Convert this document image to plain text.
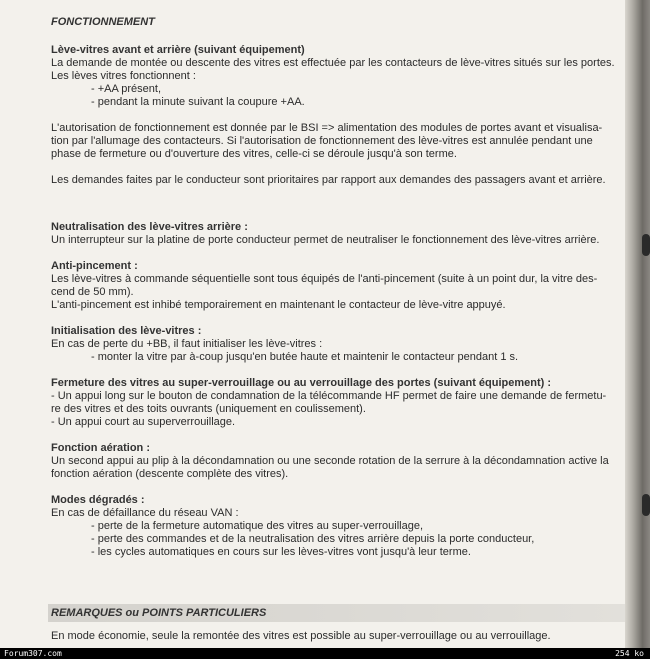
FONCTIONNEMENT
Lève-vitres avant et arrière (suivant équipement)
La demande de montée ou descente des vitres est effectuée par les contacteurs de lève-vitres situés sur les portes.
Les lèves vitres fonctionnent :
- +AA présent,
- pendant la minute suivant la coupure +AA.
L'autorisation de fonctionnement est donnée par le BSI => alimentation des modules de portes avant et visualisa-
tion par l'allumage des contacteurs. Si l'autorisation de fonctionnement des lève-vitres est annulée pendant une
phase de fermeture ou d'ouverture des vitres, celle-ci se déroule jusqu'à son terme.
Les demandes faites par le conducteur sont prioritaires par rapport aux demandes des passagers avant et arrière.
Neutralisation des lève-vitres arrière :
Un interrupteur sur la platine de porte conducteur permet de neutraliser le fonctionnement des lève-vitres arrière.
Anti-pincement :
Les lève-vitres à commande séquentielle sont tous équipés de l'anti-pincement (suite à un point dur, la vitre des-
cend de 50 mm).
L'anti-pincement est inhibé temporairement en maintenant le contacteur de lève-vitre appuyé.
Initialisation des lève-vitres :
En cas de perte du +BB, il faut initialiser les lève-vitres :
- monter la vitre par à-coup jusqu'en butée haute et maintenir le contacteur pendant 1 s.
Fermeture des vitres au super-verrouillage ou au verrouillage des portes (suivant équipement) :
- Un appui long sur le bouton de condamnation de la télécommande HF permet de faire une demande de fermetu-
re des vitres et des toits ouvrants (uniquement en coulissement).
- Un appui court au superverrouillage.
Fonction aération :
Un second appui au plip à la décondamnation ou une seconde rotation de la serrure à la décondamnation active la
fonction aération (descente complète des vitres).
Modes dégradés :
En cas de défaillance du réseau VAN :
- perte de la fermeture automatique des vitres au super-verrouillage,
- perte des commandes et de la neutralisation des vitres arrière depuis la porte conducteur,
- les cycles automatiques en cours sur les lèves-vitres vont jusqu'à leur terme.
REMARQUES ou POINTS PARTICULIERS
En mode économie, seule la remontée des vitres est possible au super-verrouillage ou au verrouillage.
Forum307.com	254 ko
